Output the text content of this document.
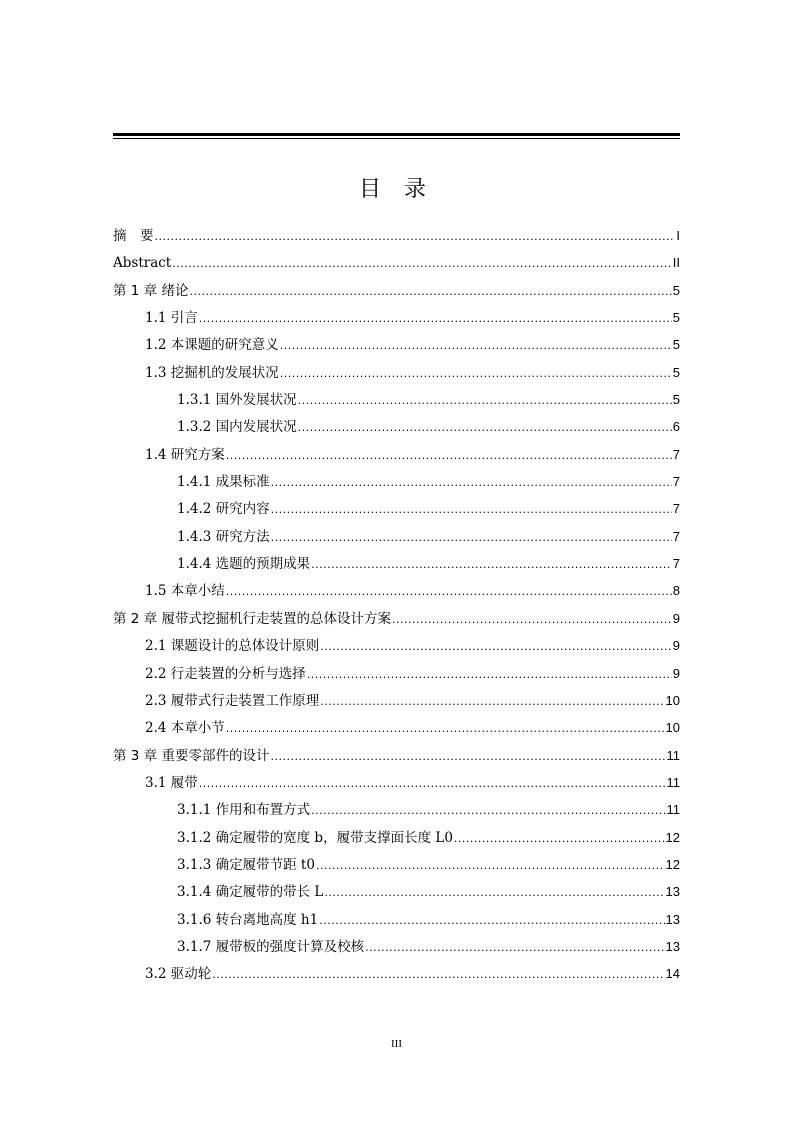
目 录
摘　要 .....	I
Abstract .....	II
第 1 章 绪论 .....	5
1.1 引言 .....	5
1.2 本课题的研究意义 .....	5
1.3 挖掘机的发展状况 .....	5
1.3.1 国外发展状况 .....	5
1.3.2 国内发展状况 .....	6
1.4 研究方案 .....	7
1.4.1 成果标准 .....	7
1.4.2 研究内容 .....	7
1.4.3 研究方法 .....	7
1.4.4 选题的预期成果 .....	7
1.5 本章小结 .....	8
第 2 章 履带式挖掘机行走装置的总体设计方案 .....	9
2.1 课题设计的总体设计原则 .....	9
2.2 行走装置的分析与选择 .....	9
2.3 履带式行走装置工作原理 .....	10
2.4 本章小节 .....	10
第 3 章 重要零部件的设计 .....	11
3.1 履带 .....	11
3.1.1 作用和布置方式 .....	11
3.1.2 确定履带的宽度 b，履带支撑面长度 L0 .....	12
3.1.3 确定履带节距 t0 .....	12
3.1.4 确定履带的带长 L .....	13
3.1.6 转台离地高度 h1 .....	13
3.1.7 履带板的强度计算及校核 .....	13
3.2 驱动轮 .....	14
III
